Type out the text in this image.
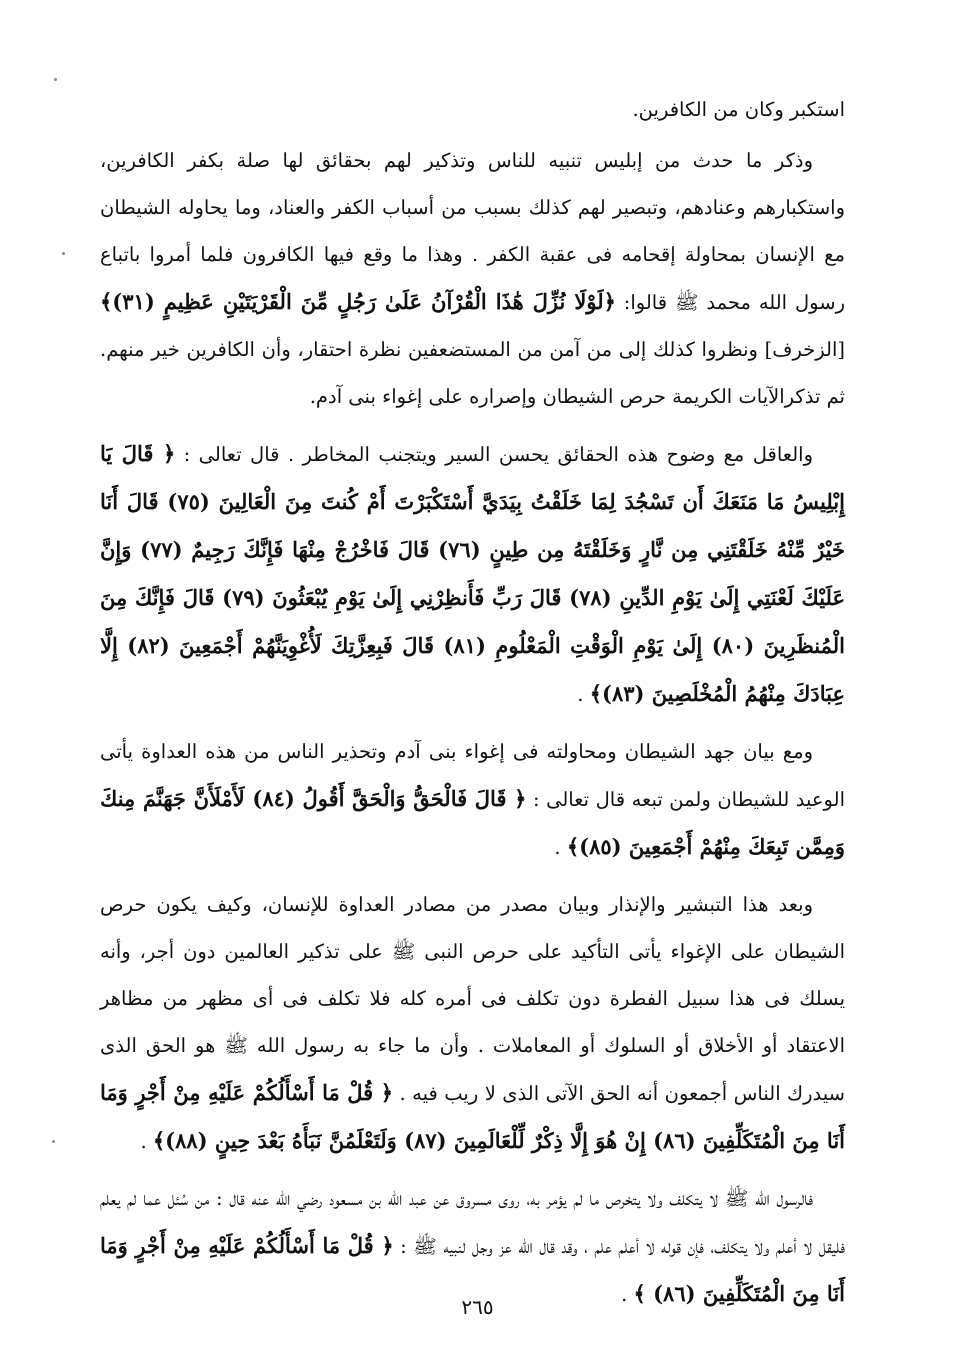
استكبر وكان من الكافرين.

وذكر ما حدث من إبليس تنبيه للناس وتذكير لهم بحقائق لها صلة بكفر الكافرين، واستكبارهم وعنادهم، وتبصير لهم كذلك بسبب من أسباب الكفر والعناد، وما يحاوله الشيطان مع الإنسان بمحاولة إقحامه فى عقبة الكفر . وهذا ما وقع فيها الكافرون فلما أمروا باتباع رسول الله محمد ﷺ قالوا: ﴿لَوْلَا نُزِّلَ هَٰذَا الْقُرْآنُ عَلَىٰ رَجُلٍ مِّنَ الْقَرْيَتَيْنِ عَظِيمٍ (٣١)﴾[الزخرف] ونظروا كذلك إلى من آمن من المستضعفين نظرة احتقار، وأن الكافرين خير منهم. ثم تذكرالآيات الكريمة حرص الشيطان وإصراره على إغواء بنى آدم.

والعاقل مع وضوح هذه الحقائق يحسن السير ويتجنب المخاطر . قال تعالى : ﴿ قَالَ يَا إِبْلِيسُ مَا مَنَعَكَ أَن تَسْجُدَ لِمَا خَلَقْتُ بِيَدَيَّ أَسْتَكْبَرْتَ أَمْ كُنتَ مِنَ الْعَالِينَ (٧٥) قَالَ أَنَا خَيْرٌ مِّنْهُ خَلَقْتَنِي مِن نَّارٍ وَخَلَقْتَهُ مِن طِينٍ (٧٦) قَالَ فَاخْرُجْ مِنْهَا فَإِنَّكَ رَجِيمٌ (٧٧) وَإِنَّ عَلَيْكَ لَعْنَتِي إِلَىٰ يَوْمِ الدِّينِ (٧٨) قَالَ رَبِّ فَأَنظِرْنِي إِلَىٰ يَوْمِ يُبْعَثُونَ (٧٩) قَالَ فَإِنَّكَ مِنَ الْمُنظَرِينَ (٨٠) إِلَىٰ يَوْمِ الْوَقْتِ الْمَعْلُومِ (٨١) قَالَ فَبِعِزَّتِكَ لَأُغْوِيَنَّهُمْ أَجْمَعِينَ (٨٢) إِلَّا عِبَادَكَ مِنْهُمُ الْمُخْلَصِينَ (٨٣)﴾ .

ومع بيان جهد الشيطان ومحاولته فى إغواء بنى آدم وتحذير الناس من هذه العداوة يأتى الوعيد للشيطان ولمن تبعه قال تعالى : ﴿ قَالَ فَالْحَقُّ وَالْحَقَّ أَقُولُ (٨٤) لَأَمْلَأَنَّ جَهَنَّمَ مِنكَ وَمِمَّن تَبِعَكَ مِنْهُمْ أَجْمَعِينَ (٨٥)﴾ .

وبعد هذا التبشير والإنذار وبيان مصدر من مصادر العداوة للإنسان، وكيف يكون حرص الشيطان على الإغواء يأتى التأكيد على حرص النبى ﷺ على تذكير العالمين دون أجر، وأنه يسلك فى هذا سبيل الفطرة دون تكلف فى أمره كله فلا تكلف فى أى مظهر من مظاهر الاعتقاد أو الأخلاق أو السلوك أو المعاملات . وأن ما جاء به رسول الله ﷺ هو الحق الذى سيدرك الناس أجمعون أنه الحق الآتى الذى لا ريب فيه . ﴿ قُلْ مَا أَسْأَلُكُمْ عَلَيْهِ مِنْ أَجْرٍ وَمَا أَنَا مِنَ الْمُتَكَلِّفِينَ (٨٦) إِنْ هُوَ إِلَّا ذِكْرٌ لِّلْعَالَمِينَ (٨٧) وَلَتَعْلَمُنَّ نَبَأَهُ بَعْدَ حِينٍ (٨٨)﴾ .

فالرسول الله ﷺ لا يتكلف ولا يتخرص ما لم يؤمر به، روى مسروق عن عبد الله بن مسعود رضي الله عنه قال : من سُئل عما لم يعلم فليقل لا أعلم ولا يتكلف، فإن قوله لا أعلم علم ، وقد قال الله عز وجل لنبيه ﷺ : ﴿ قُلْ مَا أَسْأَلُكُمْ عَلَيْهِ مِنْ أَجْرٍ وَمَا أَنَا مِنَ الْمُتَكَلِّفِينَ (٨٦) ﴾ .

٢٦٥
